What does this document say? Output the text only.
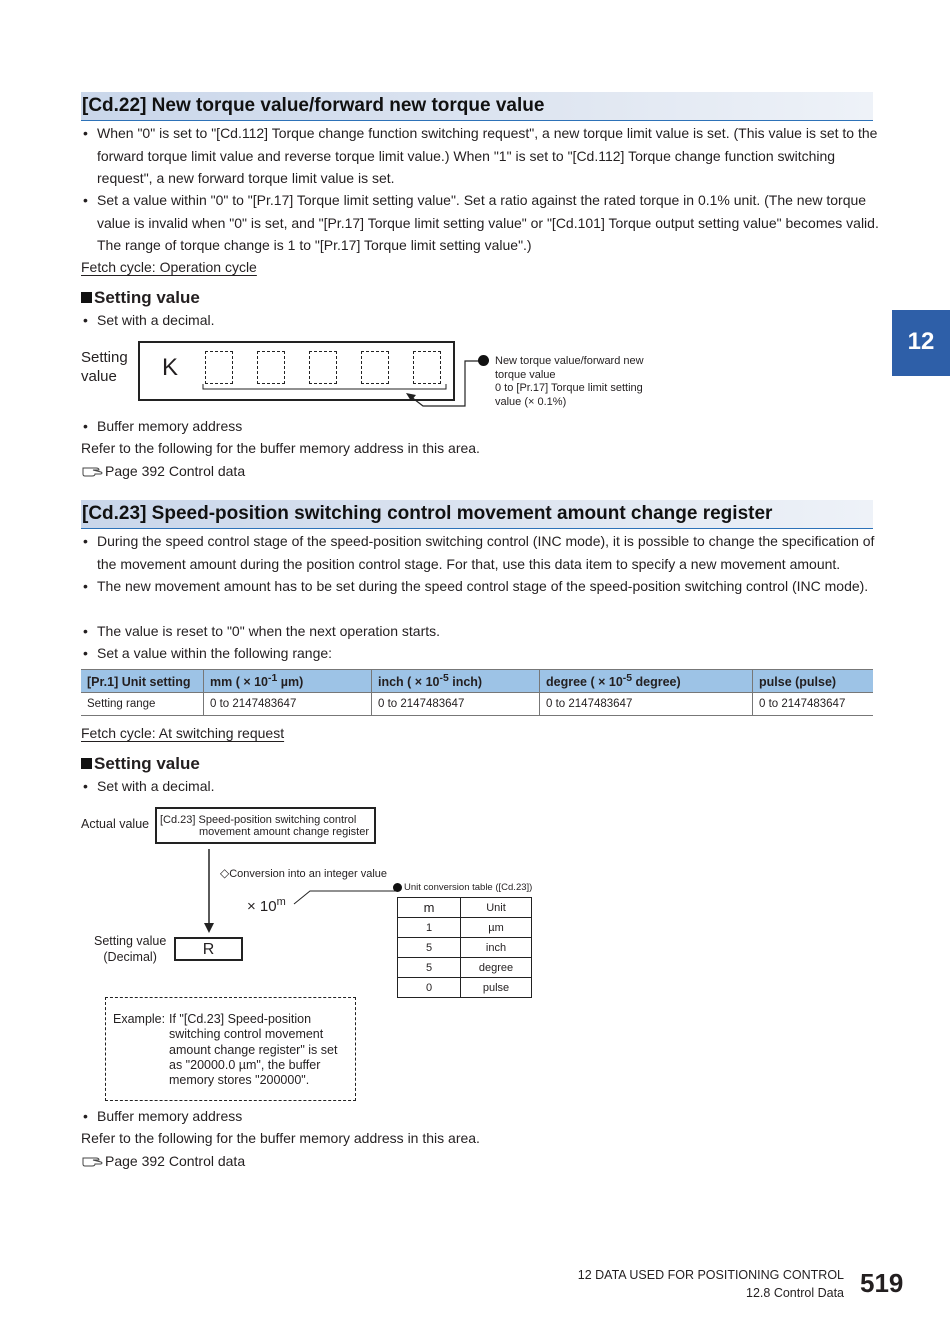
12
[Cd.22] New torque value/forward new torque value
• When "0" is set to "[Cd.112] Torque change function switching request", a new torque limit value is set. (This value is set to the forward torque limit value and reverse torque limit value.) When "1" is set to "[Cd.112] Torque change function switching request", a new forward torque limit value is set.
• Set a value within "0" to "[Pr.17] Torque limit setting value". Set a ratio against the rated torque in 0.1% unit. (The new torque value is invalid when "0" is set, and "[Pr.17] Torque limit setting value" or "[Cd.101] Torque output setting value" becomes valid. The range of torque change is 1 to "[Pr.17] Torque limit setting value".)
Fetch cycle: Operation cycle
Setting value
• Set with a decimal.
Setting
value	K	New torque value/forward new
torque value
0 to [Pr.17] Torque limit setting
value (× 0.1%)
• Buffer memory address
Refer to the following for the buffer memory address in this area.
Page 392 Control data
[Cd.23] Speed-position switching control movement amount change register
• During the speed control stage of the speed-position switching control (INC mode), it is possible to change the specification of the movement amount during the position control stage. For that, use this data item to specify a new movement amount.
• The new movement amount has to be set during the speed control stage of the speed-position switching control (INC mode).
• The value is reset to "0" when the next operation starts.
• Set a value within the following range:
[Pr.1] Unit setting	mm ( × $10^{-1}$ µm)	inch ( × $10^{-5}$ inch)	degree ( × $10^{-5}$ degree)	pulse (pulse)
Setting range	0 to 2147483647	0 to 2147483647	0 to 2147483647	0 to 2147483647
Fetch cycle: At switching request
Setting value
• Set with a decimal.
Actual value [Cd.23] Speed-position switching control
movement amount change register
◇Conversion into an integer value
× $10^m$
Unit conversion table ([Cd.23])
m	Unit
1	µm
5	inch
5	degree
0	pulse
Setting value
(Decimal)	R
Example: If "[Cd.23] Speed-position
switching control movement
amount change register" is set
as "20000.0 µm", the buffer
memory stores "200000".
• Buffer memory address
Refer to the following for the buffer memory address in this area.
Page 392 Control data
12 DATA USED FOR POSITIONING CONTROL
12.8 Control Data 519
